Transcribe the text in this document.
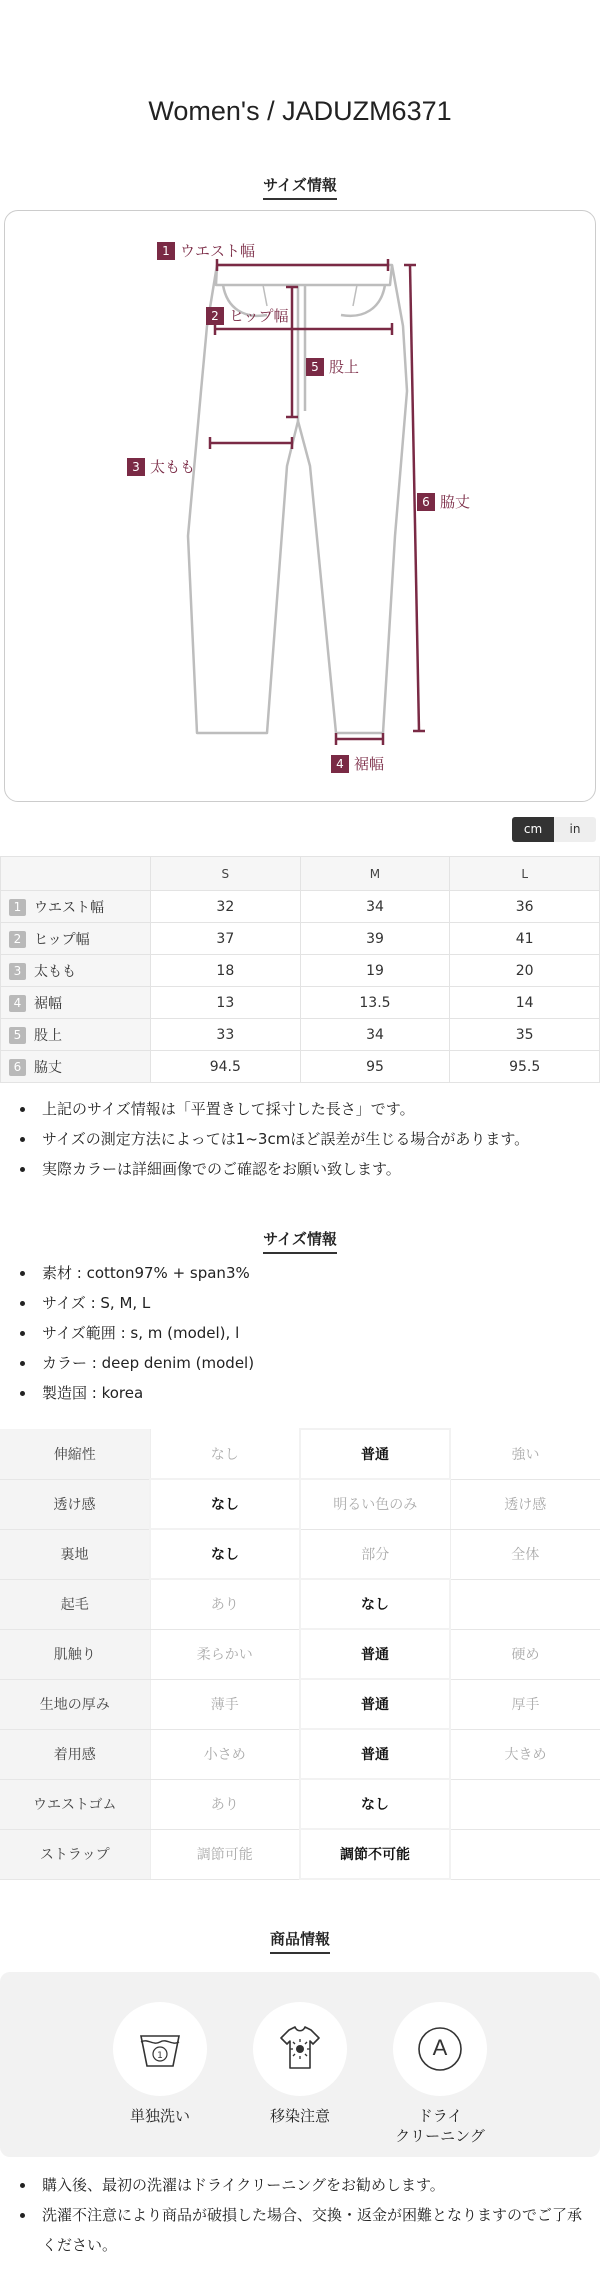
Women's / JADUZM6371
サイズ情報
1 ウエスト幅
2 ヒップ幅
5 股上
3 太もも
6 脇丈
4 裾幅
cm	in
	S	M	L
1 ウエスト幅	32	34	36
2 ヒップ幅	37	39	41
3 太もも	18	19	20
4 裾幅	13	13.5	14
5 股上	33	34	35
6 脇丈	94.5	95	95.5
上記のサイズ情報は「平置きして採寸した長さ」です。
サイズの測定方法によっては1~3cmほど誤差が生じる場合があります。
実際カラーは詳細画像でのご確認をお願い致します。
サイズ情報
素材 : cotton97% + span3%
サイズ : S, M, L
サイズ範囲 : s, m (model), l
カラー : deep denim (model)
製造国 : korea
伸縮性	なし	普通	強い
透け感	なし	明るい色のみ	透け感
裏地	なし	部分	全体
起毛	あり	なし	
肌触り	柔らかい	普通	硬め
生地の厚み	薄手	普通	厚手
着用感	小さめ	普通	大きめ
ウエストゴム	あり	なし	
ストラップ	調節可能	調節不可能	
商品情報
1
単独洗い	移染注意
A
ドライ
クリーニング
購入後、最初の洗濯はドライクリーニングをお勧めします。
洗濯不注意により商品が破損した場合、交換・返金が困難となりますのでご了承ください。
